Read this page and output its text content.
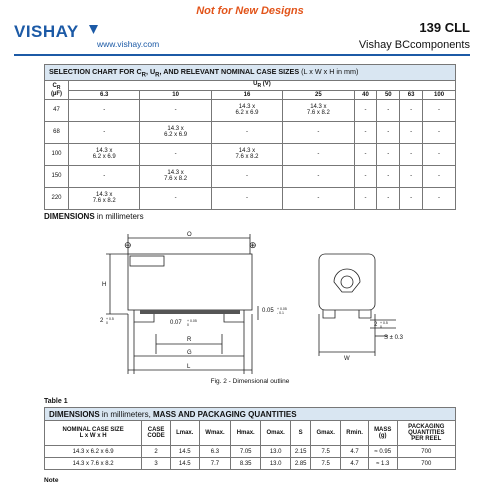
Not for New Designs
VISHAY
www.vishay.com
139 CLL
Vishay BCcomponents
SELECTION CHART FOR $C_R$, $U_R$, AND RELEVANT NOMINAL CASE SIZES (L x W x H in mm)								
$C_R$
(µF)	$U_R$ (V)							
	6.3	10	16	25	40	50	63	100
47	-	-	14.3 x
6.2 x 6.9	14.3 x
7.6 x 8.2	-	-	-	-
68	-	14.3 x
6.2 x 6.9	-	-	-	-	-	-
100	14.3 x
6.2 x 6.9	-	14.3 x
7.6 x 8.2	-	-	-	-	-
150	-	14.3 x
7.6 x 8.2	-	-	-	-	-	-
220	14.3 x
7.6 x 8.2	-	-	-	-	-	-	-
DIMENSIONS in millimeters
O
H
⊖	⊕
2 + 0.5 0	0.07 + 0.05 0
0.05 + 0.05 - 0.1
R
G
L
W
2 + 0.5 0
S ± 0.3
Fig. 2 - Dimensional outline
Table 1
DIMENSIONS in millimeters, MASS AND PACKAGING QUANTITIES										
NOMINAL CASE SIZE
L x W x H	CASE
CODE	Lmax.	Wmax.	Hmax.	Omax.	S	Gmax.	Rmin.	MASS
(g)	PACKAGING
QUANTITIES
PER REEL
14.3 x 6.2 x 6.9	2	14.5	6.3	7.05	13.0	2.15	7.5	4.7	≈ 0.95	700
14.3 x 7.6 x 8.2	3	14.5	7.7	8.35	13.0	2.85	7.5	4.7	≈ 1.3	700
Note
